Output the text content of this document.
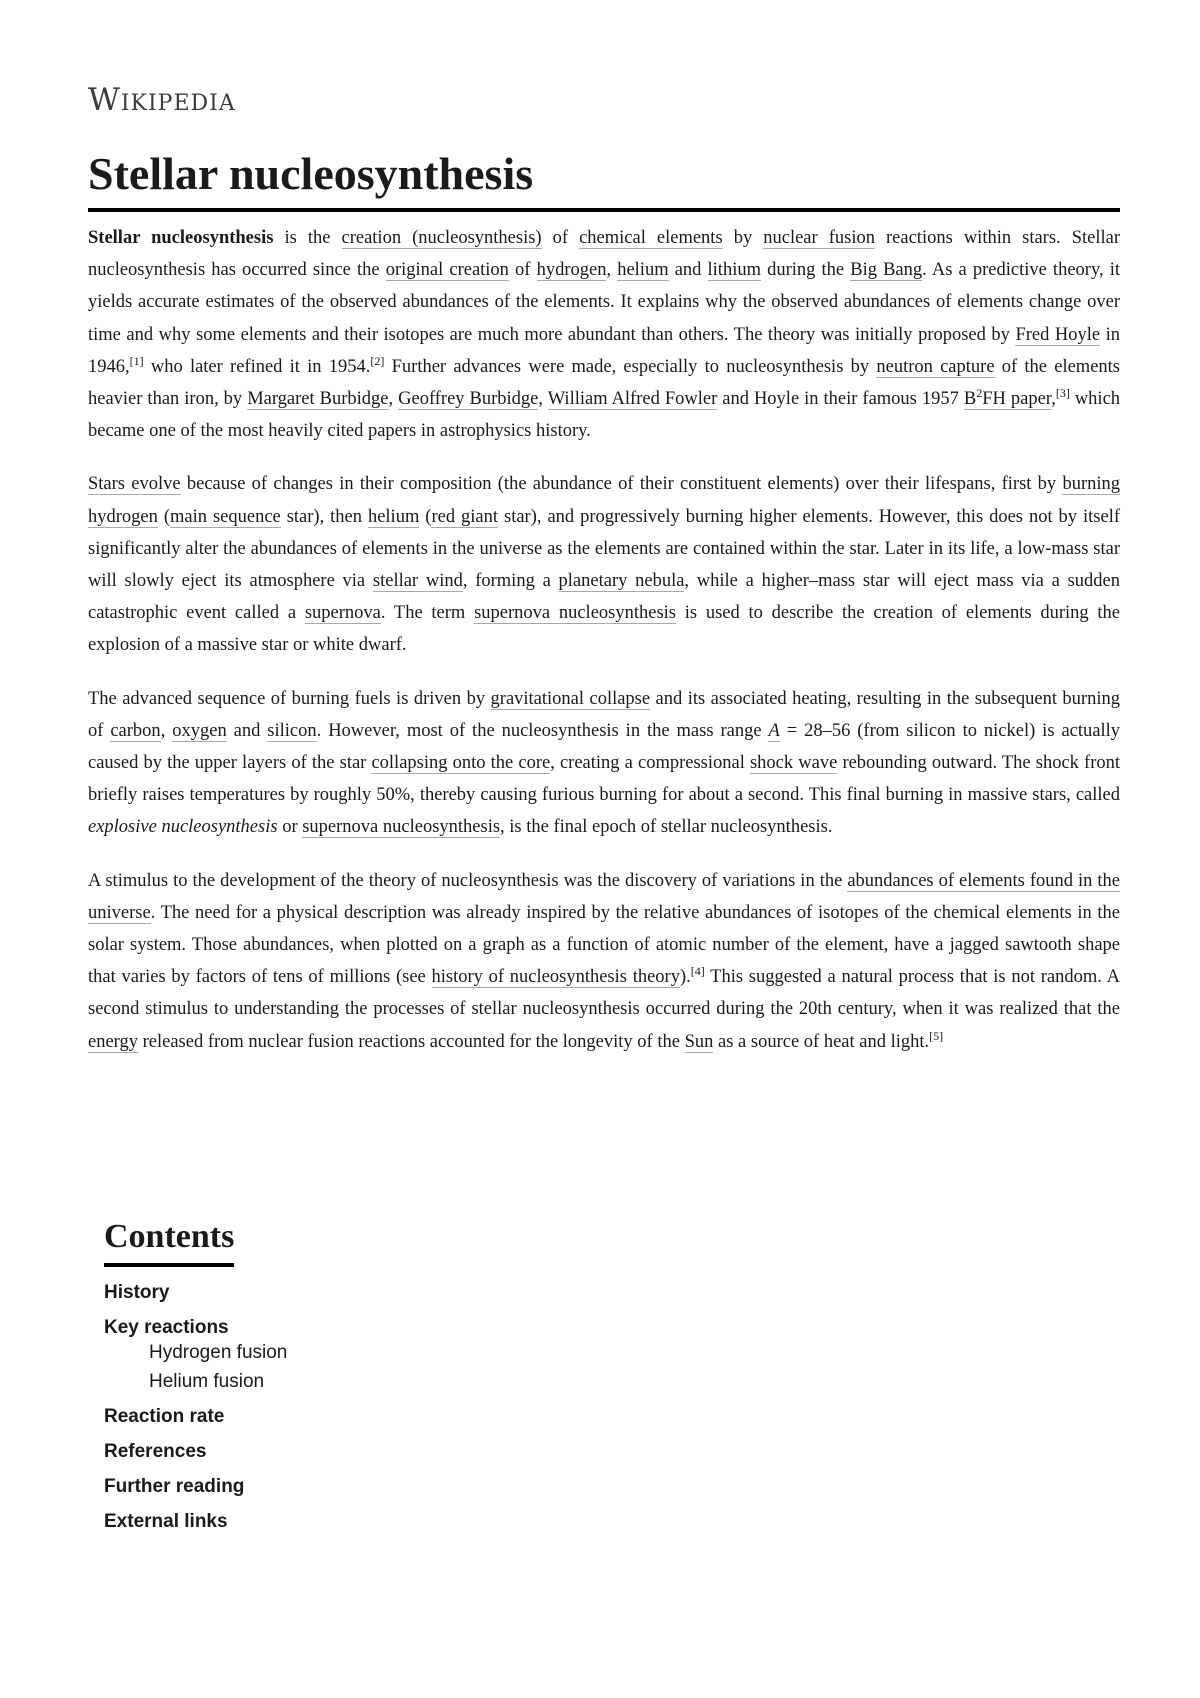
Wikipedia
Stellar nucleosynthesis

Stellar nucleosynthesis is the creation (nucleosynthesis) of chemical elements by nuclear fusion reactions within stars. Stellar nucleosynthesis has occurred since the original creation of hydrogen, helium and lithium during the Big Bang. As a predictive theory, it yields accurate estimates of the observed abundances of the elements. It explains why the observed abundances of elements change over time and why some elements and their isotopes are much more abundant than others. The theory was initially proposed by Fred Hoyle in 1946,[1] who later refined it in 1954.[2] Further advances were made, especially to nucleosynthesis by neutron capture of the elements heavier than iron, by Margaret Burbidge, Geoffrey Burbidge, William Alfred Fowler and Hoyle in their famous 1957 $B^2FH$ paper,[3] which became one of the most heavily cited papers in astrophysics history.

Stars evolve because of changes in their composition (the abundance of their constituent elements) over their lifespans, first by burning hydrogen (main sequence star), then helium (red giant star), and progressively burning higher elements. However, this does not by itself significantly alter the abundances of elements in the universe as the elements are contained within the star. Later in its life, a low-mass star will slowly eject its atmosphere via stellar wind, forming a planetary nebula, while a higher–mass star will eject mass via a sudden catastrophic event called a supernova. The term supernova nucleosynthesis is used to describe the creation of elements during the explosion of a massive star or white dwarf.

The advanced sequence of burning fuels is driven by gravitational collapse and its associated heating, resulting in the subsequent burning of carbon, oxygen and silicon. However, most of the nucleosynthesis in the mass range A = 28–56 (from silicon to nickel) is actually caused by the upper layers of the star collapsing onto the core, creating a compressional shock wave rebounding outward. The shock front briefly raises temperatures by roughly 50%, thereby causing furious burning for about a second. This final burning in massive stars, called explosive nucleosynthesis or supernova nucleosynthesis, is the final epoch of stellar nucleosynthesis.

A stimulus to the development of the theory of nucleosynthesis was the discovery of variations in the abundances of elements found in the universe. The need for a physical description was already inspired by the relative abundances of isotopes of the chemical elements in the solar system. Those abundances, when plotted on a graph as a function of atomic number of the element, have a jagged sawtooth shape that varies by factors of tens of millions (see history of nucleosynthesis theory).[4] This suggested a natural process that is not random. A second stimulus to understanding the processes of stellar nucleosynthesis occurred during the 20th century, when it was realized that the energy released from nuclear fusion reactions accounted for the longevity of the Sun as a source of heat and light.[5]

Contents
History
Key reactions
Hydrogen fusion
Helium fusion
Reaction rate
References
Further reading
External links
